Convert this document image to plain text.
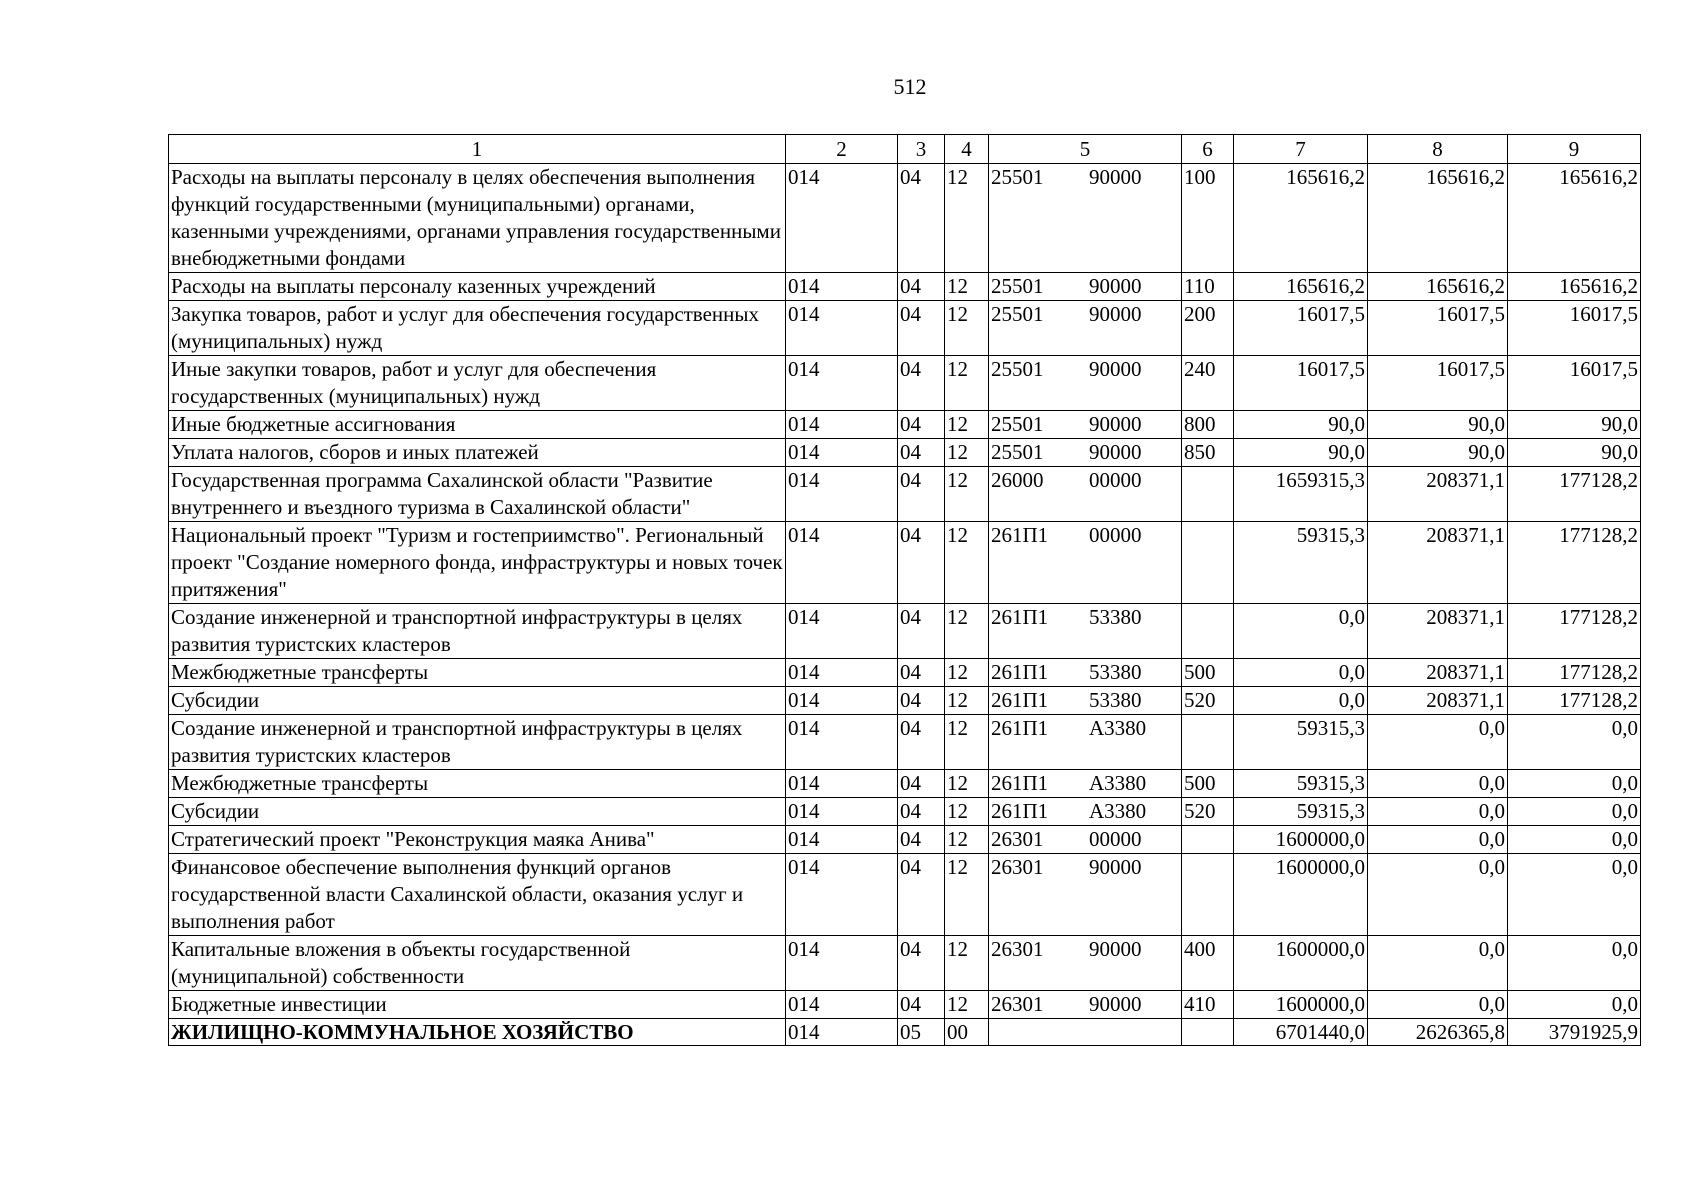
512
1	2	3	4	5	6	7	8	9
Расходы на выплаты персоналу в целях обеспечения выполнения функций государственными (муниципальными) органами, казенными учреждениями, органами управления государственными внебюджетными фондами	014	04	12	25501 90000	100	165616,2	165616,2	165616,2
Расходы на выплаты персоналу казенных учреждений	014	04	12	25501 90000	110	165616,2	165616,2	165616,2
Закупка товаров, работ и услуг для обеспечения государственных (муниципальных) нужд	014	04	12	25501 90000	200	16017,5	16017,5	16017,5
Иные закупки товаров, работ и услуг для обеспечения государственных (муниципальных) нужд	014	04	12	25501 90000	240	16017,5	16017,5	16017,5
Иные бюджетные ассигнования	014	04	12	25501 90000	800	90,0	90,0	90,0
Уплата налогов, сборов и иных платежей	014	04	12	25501 90000	850	90,0	90,0	90,0
Государственная программа Сахалинской области "Развитие внутреннего и въездного туризма в Сахалинской области"	014	04	12	26000 00000		1659315,3	208371,1	177128,2
Национальный проект "Туризм и гостеприимство". Региональный проект "Создание номерного фонда, инфраструктуры и новых точек притяжения"	014	04	12	261П1 00000		59315,3	208371,1	177128,2
Создание инженерной и транспортной инфраструктуры в целях развития туристских кластеров	014	04	12	261П1 53380		0,0	208371,1	177128,2
Межбюджетные трансферты	014	04	12	261П1 53380	500	0,0	208371,1	177128,2
Субсидии	014	04	12	261П1 53380	520	0,0	208371,1	177128,2
Создание инженерной и транспортной инфраструктуры в целях развития туристских кластеров	014	04	12	261П1 А3380		59315,3	0,0	0,0
Межбюджетные трансферты	014	04	12	261П1 А3380	500	59315,3	0,0	0,0
Субсидии	014	04	12	261П1 А3380	520	59315,3	0,0	0,0
Стратегический проект "Реконструкция маяка Анива"	014	04	12	26301 00000		1600000,0	0,0	0,0
Финансовое обеспечение выполнения функций органов государственной власти Сахалинской области, оказания услуг и выполнения работ	014	04	12	26301 90000		1600000,0	0,0	0,0
Капитальные вложения в объекты государственной (муниципальной) собственности	014	04	12	26301 90000	400	1600000,0	0,0	0,0
Бюджетные инвестиции	014	04	12	26301 90000	410	1600000,0	0,0	0,0
ЖИЛИЩНО-КОММУНАЛЬНОЕ ХОЗЯЙСТВО	014	05	00			6701440,0	2626365,8	3791925,9
